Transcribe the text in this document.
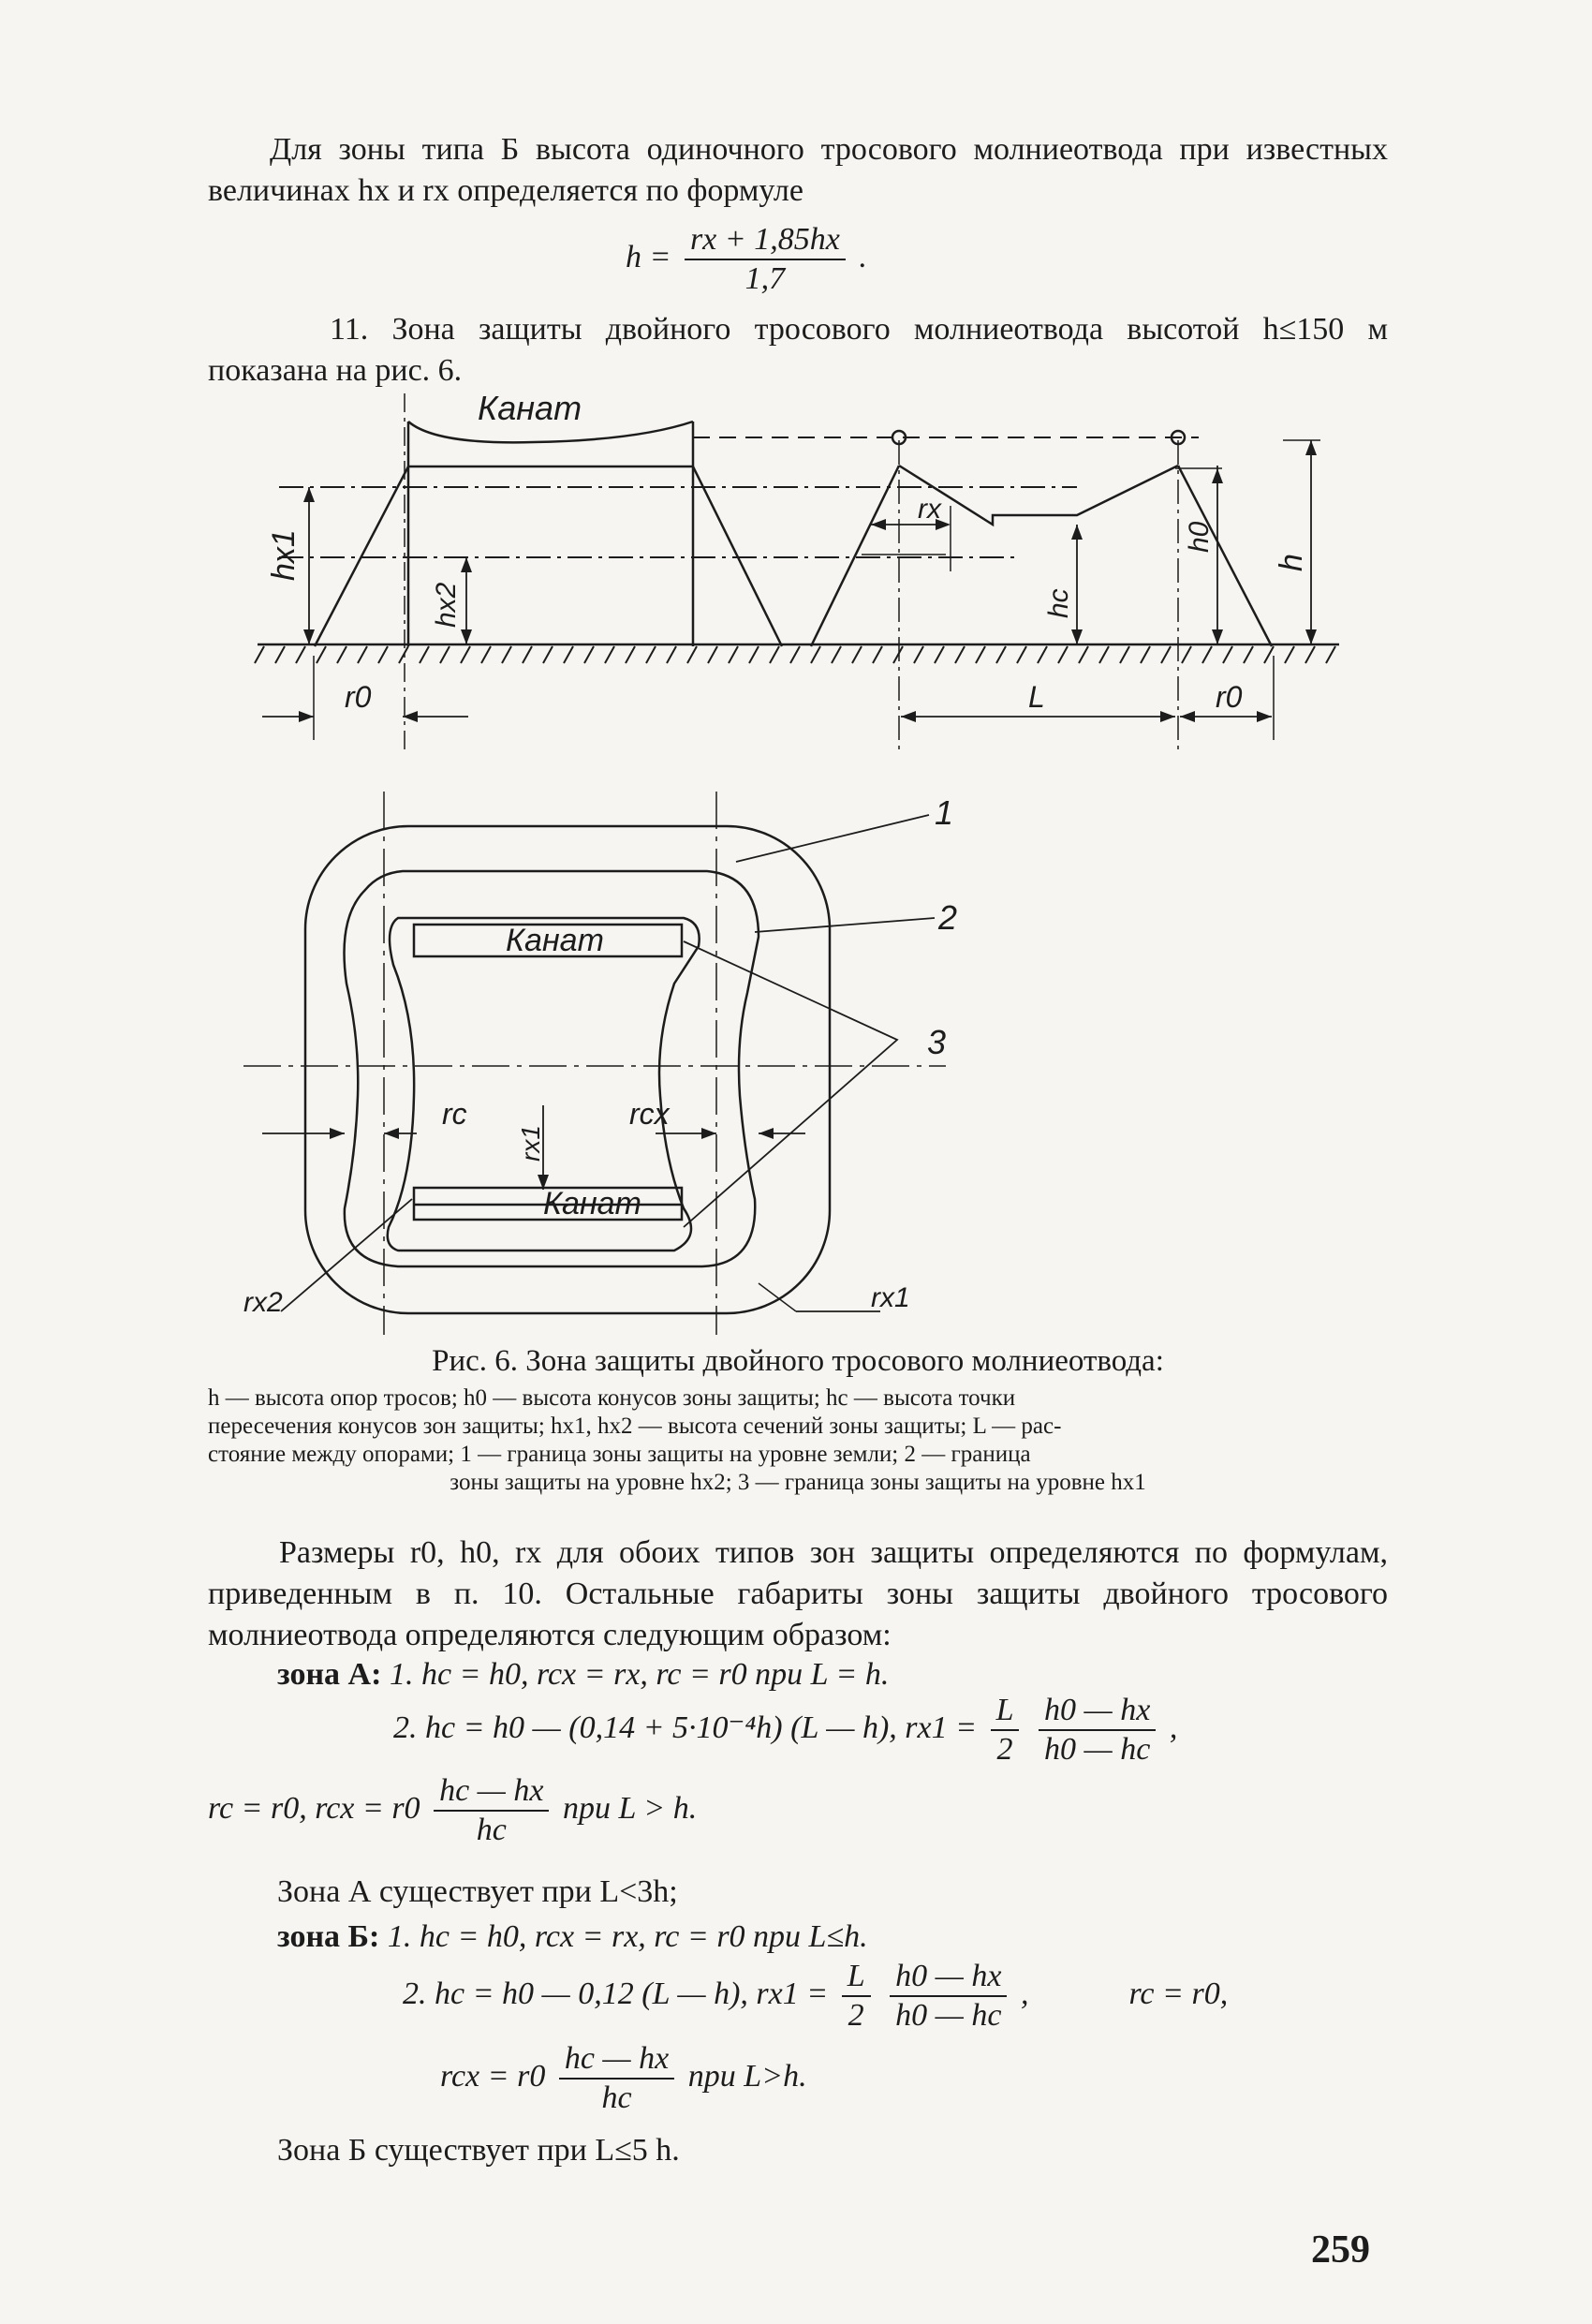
Для зоны типа Б высота одиночного тросового молниеотвода при известных величинах hx и rx определяется по формуле
$h = \frac{rx + 1,85hx}{1,7}$ .
11. Зона защиты двойного тросового молниеотвода высотой h≤150 м показана на рис. 6.
Канат
hx1
hx2
r0
rx
hc
h0
h
L	r0
Канат
Канат
1
2
3
rc
rx1
rcx
rx2	rx1
Рис. 6. Зона защиты двойного тросового молниеотвода:
h — высота опор тросов; h0 — высота конусов зоны защиты; hc — высота точки
пересечения конусов зон защиты; hx1, hx2 — высота сечений зоны защиты; L — рас-
стояние между опорами; 1 — граница зоны защиты на уровне земли; 2 — граница
зоны защиты на уровне hx2; 3 — граница зоны защиты на уровне hx1
Размеры r0, h0, rx для обоих типов зон защиты определяются по формулам, приведенным в п. 10. Остальные габариты зоны защиты двойного тросового молниеотвода определяются следующим образом:
зона А: 1. hc = h0, rcx = rx, rc = r0 при L = h.
2. hc = h0 — (0,14 + 5·10⁻⁴h) (L — h), $rx1 = \frac{L}{2}$
$\frac{h0 — hx}{h0 — hc}$ ,
rc = r0, rcx = $r0 \frac{hc — hx}{hc}$ при L > h.
Зона А существует при L<3h;
зона Б: 1. hc = h0, rcx = rx, rc = r0 при L≤h.
2. hc = h0 — 0,12 (L — h), $rx1 = \frac{L}{2}$
$\frac{h0 — hx}{h0 — hc}$ ,	rc = r0,
rcx = $r0 \frac{hc — hx}{hc}$ при L>h.
Зона Б существует при L≤5 h.
259
